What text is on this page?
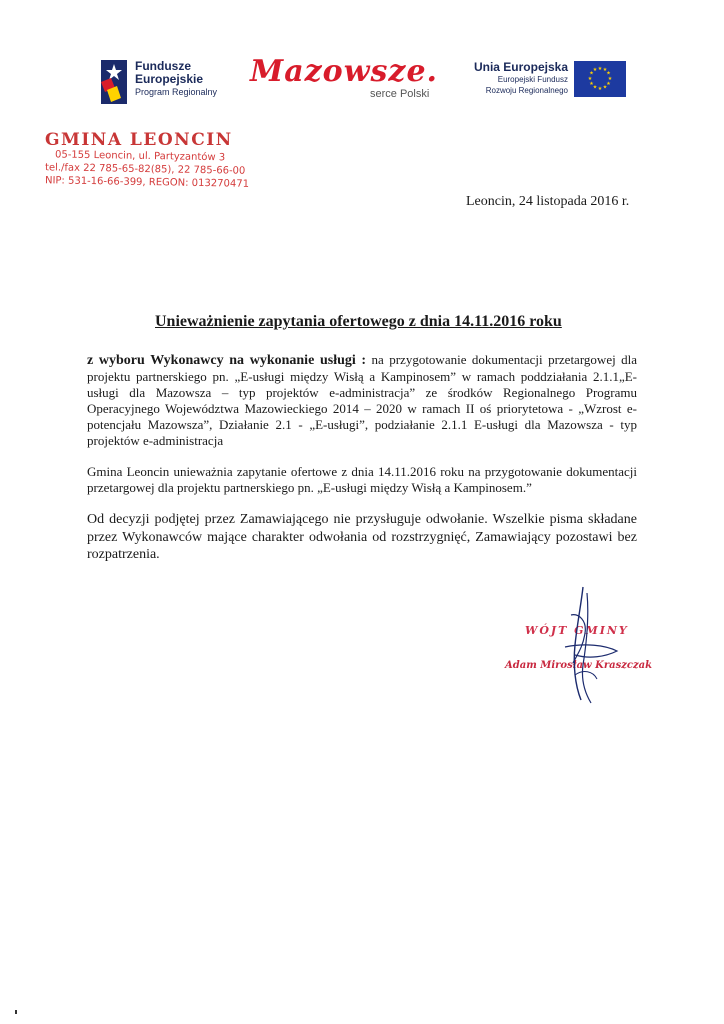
Fundusze
Europejskie
Program Regionalny
Mazowsze.
serce Polski
Unia Europejska
Europejski Fundusz
Rozwoju Regionalnego
★ ★
★
★
★
★
★
★
★
★
★
★
GMINA LEONCIN
05-155 Leoncin, ul. Partyzantów 3
tel./fax 22 785-65-82(85), 22 785-66-00
NIP: 531-16-66-399, REGON: 013270471
Leoncin, 24 listopada 2016 r.
Unieważnienie zapytania ofertowego z dnia 14.11.2016 roku
z wyboru Wykonawcy na wykonanie usługi : na przygotowanie dokumentacji przetargowej dla projektu partnerskiego pn. „E-usługi między Wisłą a Kampinosem” w ramach poddziałania 2.1.1„E-usługi dla Mazowsza – typ projektów e-administracja” ze środków Regionalnego Programu Operacyjnego Województwa Mazowieckiego 2014 – 2020 w ramach II oś priorytetowa - „Wzrost e-potencjału Mazowsza”, Działanie 2.1 - „E-usługi”, podziałanie 2.1.1 E-usługi dla Mazowsza - typ projektów e-administracja
Gmina Leoncin unieważnia zapytanie ofertowe z dnia 14.11.2016 roku na przygotowanie dokumentacji przetargowej dla projektu partnerskiego pn. „E-usługi między Wisłą a Kampinosem.”
Od decyzji podjętej przez Zamawiającego nie przysługuje odwołanie. Wszelkie pisma składane przez Wykonawców mające charakter odwołania od rozstrzygnięć, Zamawiający pozostawi bez rozpatrzenia.
WÓJT GMINY
Adam Mirosław Kraszczak
